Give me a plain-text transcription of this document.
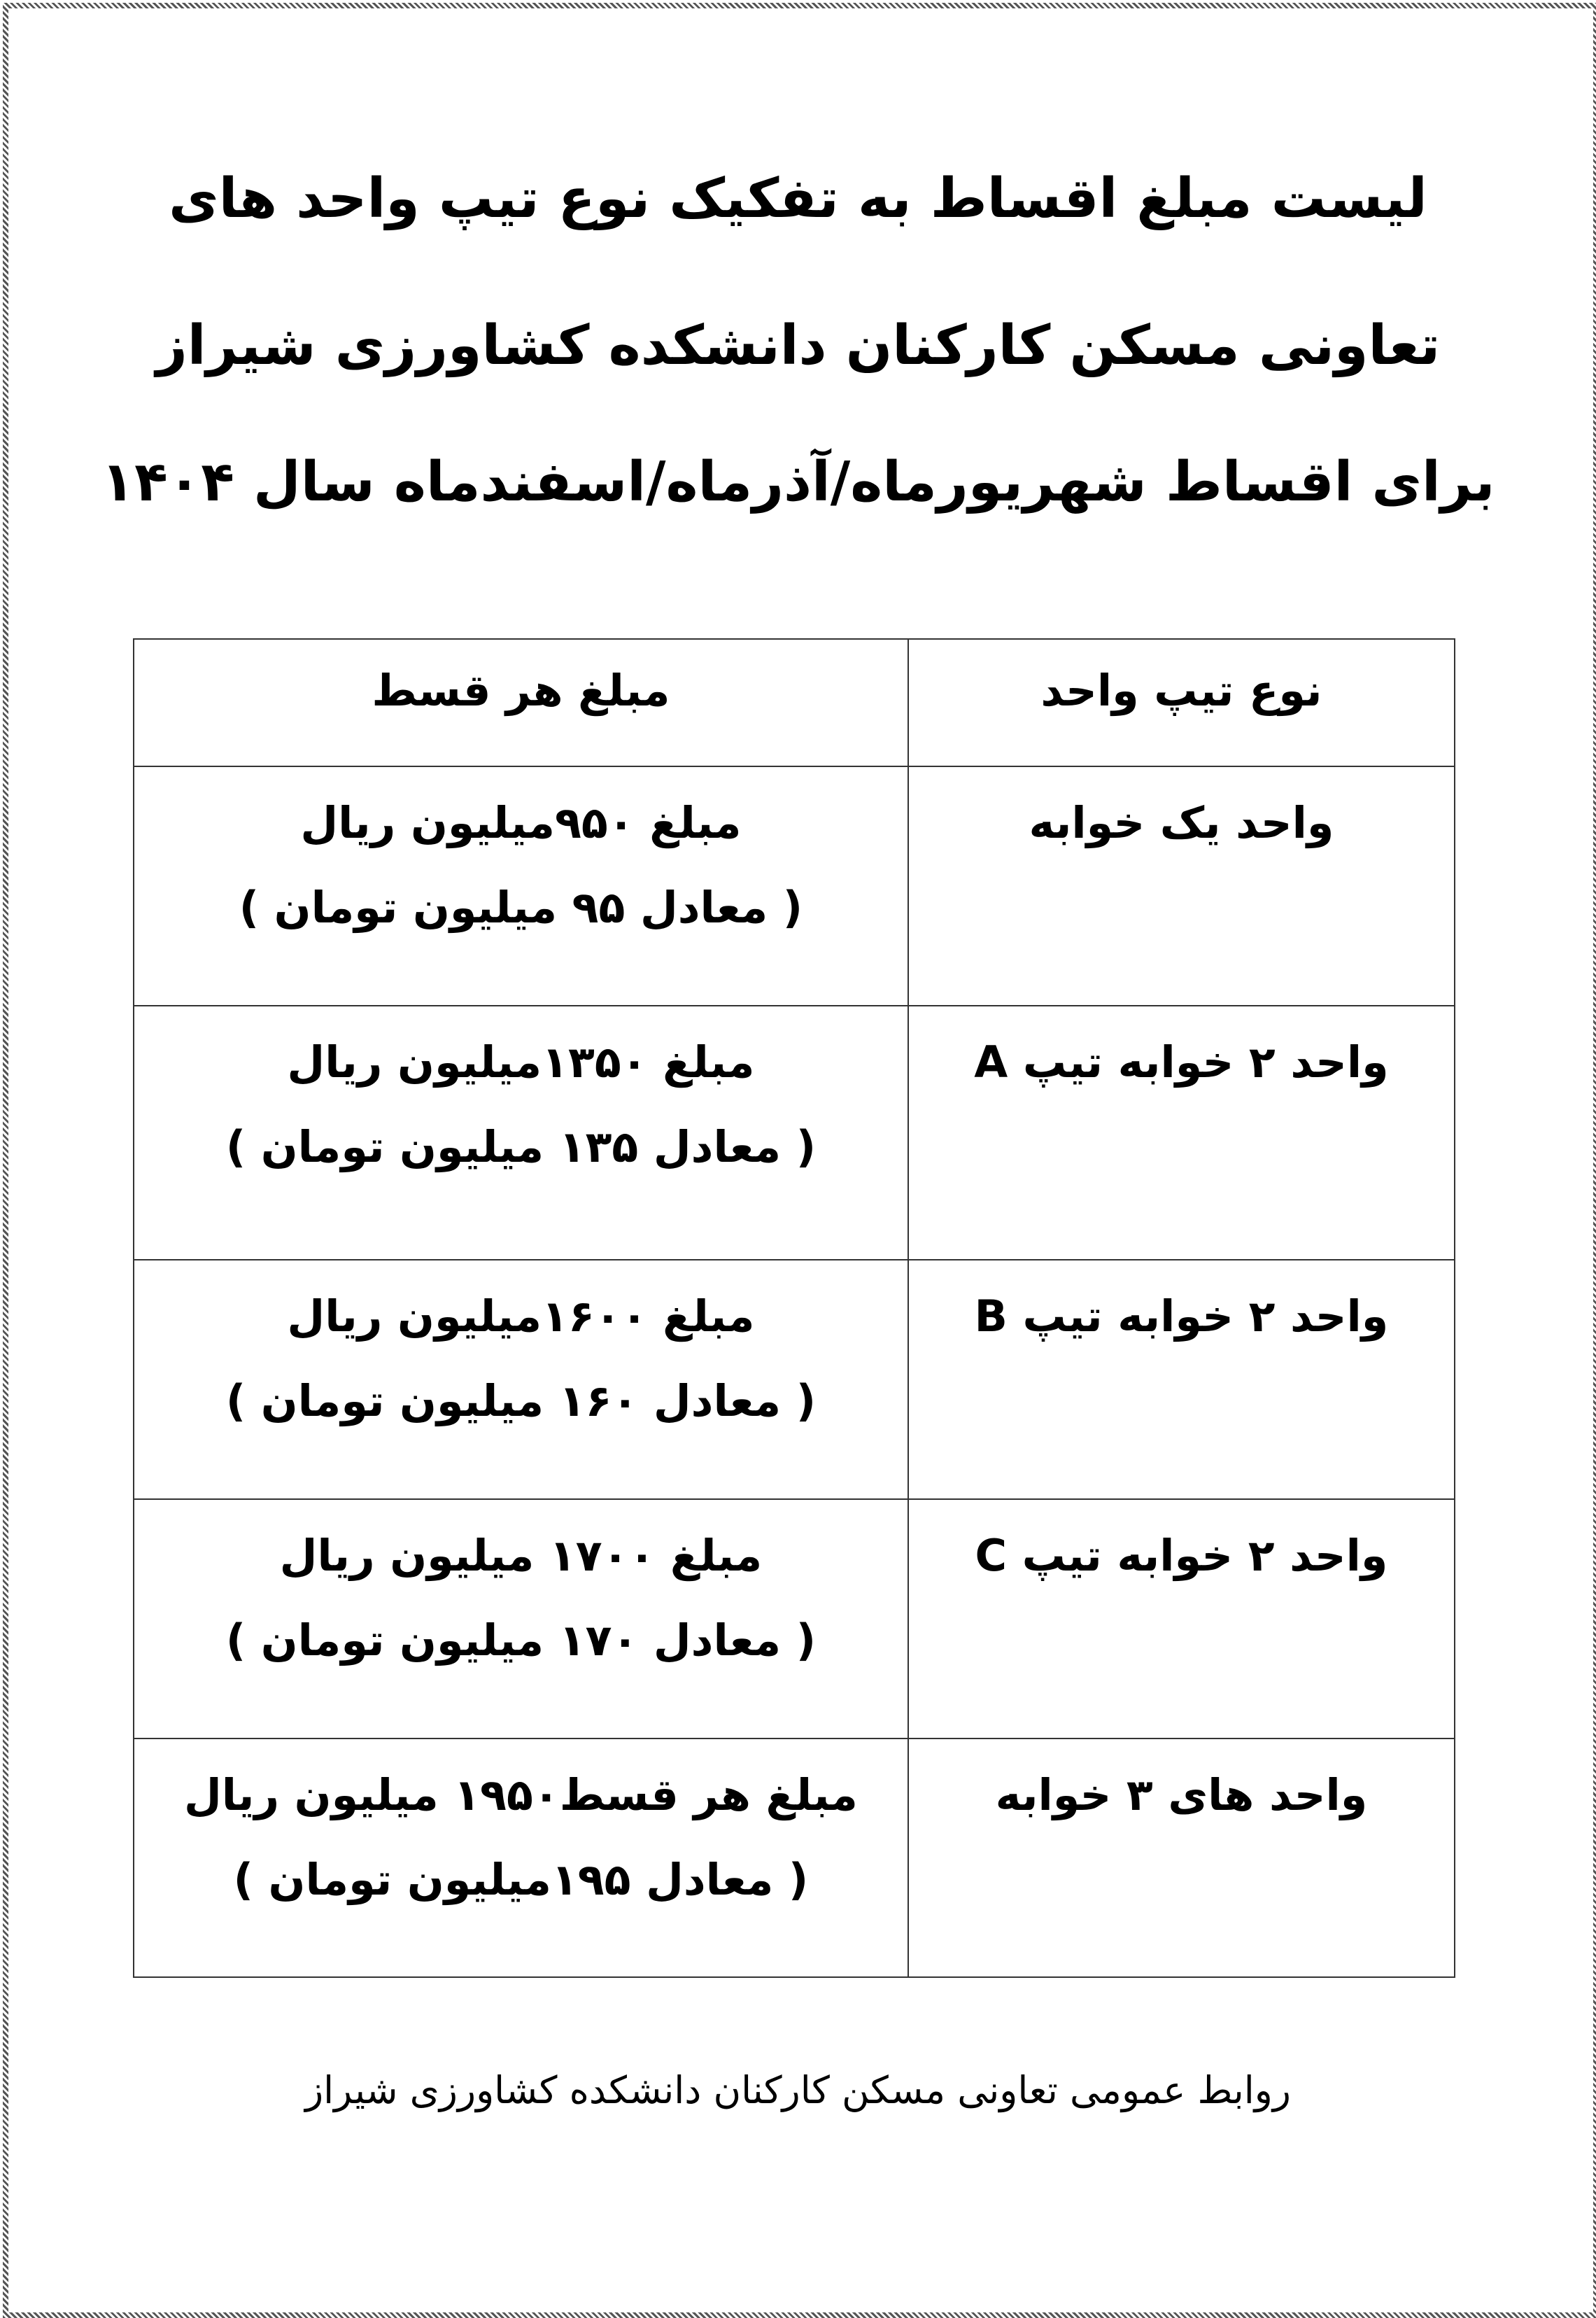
لیست مبلغ اقساط به تفکیک نوع تیپ واحد های
تعاونی مسکن کارکنان دانشکده کشاورزی شیراز
برای اقساط شهریورماه/آذرماه/اسفندماه سال ۱۴۰۴
نوع تیپ واحد	مبلغ هر قسط

واحد یک خوابه	مبلغ ۹۵۰میلیون ریال
( معادل ۹۵ میلیون تومان )

واحد ۲ خوابه تیپ A	مبلغ ۱۳۵۰میلیون ریال
( معادل ۱۳۵ میلیون تومان )

واحد ۲ خوابه تیپ B	مبلغ ۱۶۰۰میلیون ریال
( معادل ۱۶۰ میلیون تومان )

واحد ۲ خوابه تیپ C	مبلغ ۱۷۰۰ میلیون ریال
( معادل ۱۷۰ میلیون تومان )

واحد های ۳ خوابه	مبلغ هر قسط۱۹۵۰ میلیون ریال
( معادل ۱۹۵میلیون تومان )
روابط عمومی تعاونی مسکن کارکنان دانشکده کشاورزی شیراز
